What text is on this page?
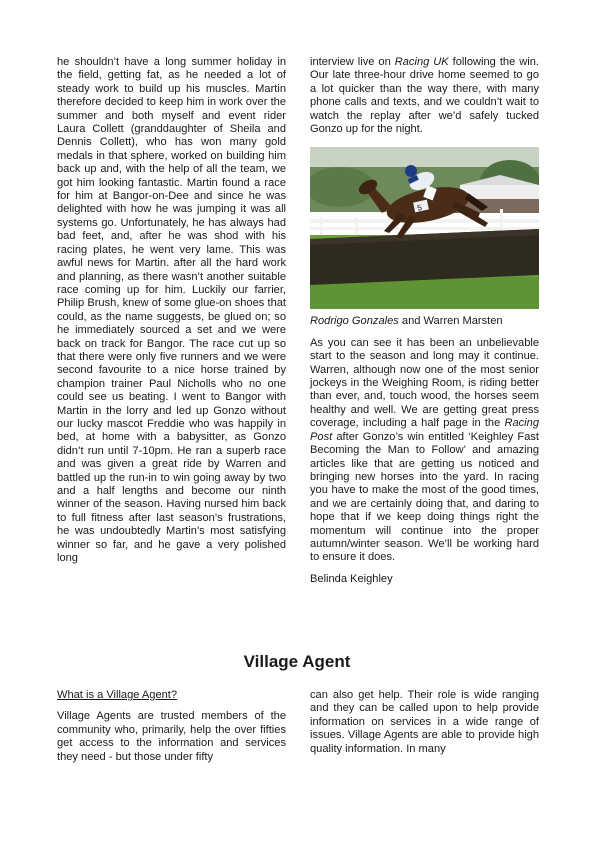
he shouldn’t have a long summer holiday in the field, getting fat, as he needed a lot of steady work to build up his muscles. Martin therefore decided to keep him in work over the summer and both myself and event rider Laura Collett (granddaughter of Sheila and Dennis Collett), who has won many gold medals in that sphere, worked on building him back up and, with the help of all the team, we got him looking fantastic. Martin found a race for him at Bangor-on-Dee and since he was delighted with how he was jumping it was all systems go. Unfortunately, he has always had bad feet, and, after he was shod with his racing plates, he went very lame. This was awful news for Martin. after all the hard work and planning, as there wasn’t another suitable race coming up for him. Luckily our farrier, Philip Brush, knew of some glue-on shoes that could, as the name suggests, be glued on; so he immediately sourced a set and we were back on track for Bangor. The race cut up so that there were only five runners and we were second favourite to a nice horse trained by champion trainer Paul Nicholls who no one could see us beating. I went to Bangor with Martin in the lorry and led up Gonzo without our lucky mascot Freddie who was happily in bed, at home with a babysitter, as Gonzo didn’t run until 7-10pm. He ran a superb race and was given a great ride by Warren and battled up the run-in to win going away by two and a half lengths and become our ninth winner of the season. Having nursed him back to full fitness after last season’s frustrations, he was undoubtedly Martin’s most satisfying winner so far, and he gave a very polished long

interview live on Racing UK following the win. Our late three-hour drive home seemed to go a lot quicker than the way there, with many phone calls and texts, and we couldn’t wait to watch the replay after we’d safely tucked Gonzo up for the night.

5

Rodrigo Gonzales and Warren Marsten

As you can see it has been an unbelievable start to the season and long may it continue. Warren, although now one of the most senior jockeys in the Weighing Room, is riding better than ever, and, touch wood, the horses seem healthy and well. We are getting great press coverage, including a half page in the Racing Post after Gonzo’s win entitled ‘Keighley Fast Becoming the Man to Follow’ and amazing articles like that are getting us noticed and bringing new horses into the yard. In racing you have to make the most of the good times, and we are certainly doing that, and daring to hope that if we keep doing things right the momentum will continue into the proper autumn/winter season. We’ll be working hard to ensure it does.

Belinda Keighley

Village Agent

What is a Village Agent?

Village Agents are trusted members of the community who, primarily, help the over fifties get access to the information and services they need - but those under fifty

can also get help. Their role is wide ranging and they can be called upon to help provide information on services in a wide range of issues. Village Agents are able to provide high quality information. In many
